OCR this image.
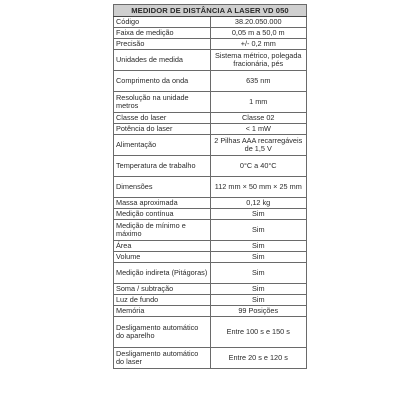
MEDIDOR DE DISTÂNCIA A LASER VD 050	
Código	38.20.050.000
Faixa de medição	0,05 m a 50,0 m
Precisão	+/- 0,2 mm
Unidades de medida	Sistema métrico, polegada fracionária, pés
Comprimento da onda	635 nm
Resolução na unidade metros	1 mm
Classe do laser	Classe 02
Potência do laser	< 1 mW
Alimentação	2 Pilhas AAA recarregáveis de 1,5 V
Temperatura de trabalho	0°C a 40°C
Dimensões	112 mm × 50 mm × 25 mm
Massa aproximada	0,12 kg
Medição contínua	Sim
Medição de mínimo e máximo	Sim
Área	Sim
Volume	Sim
Medição indireta (Pitágoras)	Sim
Soma / subtração	Sim
Luz de fundo	Sim
Memória	99 Posições
Desligamento automático do aparelho	Entre 100 s e 150 s
Desligamento automático do laser	Entre 20 s e 120 s
